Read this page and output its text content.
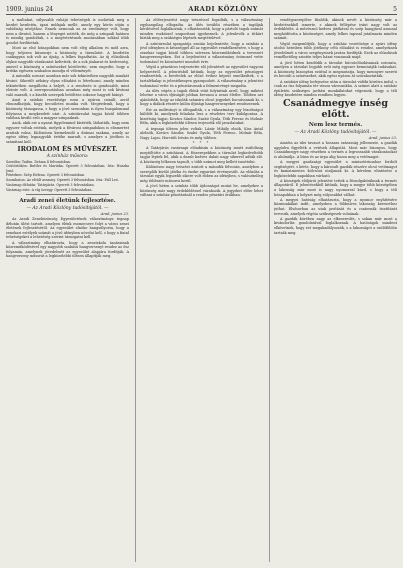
1909. junius 24	ARADI KÖZLÖNY	5

a multakat, súlyosabb ruhájú tehetségek is oszlattak meg a kezdet kezdetén, igazi műfajuk mellé, amely egy körös utján a valódiság nívójához. Ennek nemcsak az az eredménye volt, hogy nem a divatot, hanem a lényeget nézték, de még a színpadi hatásra is mindig gondoltak, s a megértetésnek mostanában sokkal több gondot fordítottak.

Most az első hónapokban nem volt elég alkalom és mód arra, hogy teljesen kiismerje a közönség a társulatot. A kezdetén csakugyan sok volt az újság, a lelkes fogadtatás. Az új előadások olykor nagyobb várakozást keltettek, de a sok jóakarat és kedvesség, amivel a közönség a színészeket körülvette, nem engedte, hogy a kritika egészen szabadon mondja el véleményét.

A második sorozat azonban már sok tekintetben nagyobb munkát kívánt. Sikerült néhány olyan előadást is létrehozni, amely minden tekintetben megállotta a helyét, s a rendezés is gondosabb, mint eleinte volt. A szereposztásban azonban még most is sok kívánni való maradt, s a kisebb szerepek betöltése sokszor hagyott hiányt.

Amit a színház vezetősége ezen a nyáron csinált, arról elmondhatjuk, hogy becsületes munka volt. Megérdemli, hogy a közönség támogassa, s hogy a jövő szezonban is ilyen buzgalommal folytassa a megkezdett utat. A színtársulat tagjai közül többen valóban kiváló erői a magyar színpadnak.

Azok, akik ezt a nyarat figyelemmel kísérték, láthatták, hogy nem egyszer voltak estéink, melyek a fővárosi színpadokon is elismerést arattak volna. Különösen kiemelendő a drámai szakma, amely az egész idény legnagyobb értéke maradt, s amelyre a jövőben is számítani kell.

IRODALOM ÉS MŰVÉSZET.

A színház műsora:

Szerdán: Taifun. Dráma 4 felvonásban.

Csütörtökön: Buttler és Marinka. Operett 3 felvonásban. Irta: Huszka Jenő.

Pénteken: Szép Helena. Operett 3 felvonásban.

Szombaton: Az elvált asszony. Operett 3 felvonásban. Irta: Fall Leó.

Vasárnap délután: Tatárjárás. Operett 3 felvonásban.

Vasárnap este: A víg özvegy. Operett 3 felvonásban.

Aradi zenei életünk fejlesztése.

— Az Aradi Közlöny tudósítójától. —

Arad, junius 23.

Az Aradi Zeneközönség Egyesületének választmánya tegnap délután ülést tartott, amelyen élénk eszmecsere folyt a város zenei életének fejlesztéséről. Az egyesület elnöke hangsúlyozta, hogy a zenekari estélyek számát a jövő idényben növelni kell, s hogy a fiatal tehetségeket a lehetőség szerint támogatni kell.

A választmány elhatározta, hogy a zeneiskola tanárainak közreműködésével egy nagyobb szabású hangversenyt rendez az ősz folyamán, amelynek jövedelmét az egyesület alapjára fordítják. A hangverseny műsorát a legközelebbi ülésen állapítják meg.

Az előterjesztést nagy tetszéssel fogadták, s a választmány egyhangúlag elfogadta. Az ülés további részében a tagdíjak kérdésével foglalkoztak, s elhatározták, hogy a pártoló tagok számát minden eszközzel szaporítani igyekeznek. A jelenlevők a titkárt bízták meg a szükséges lépések megtételével.

A színtársulat igazgatója ezután bejelentette, hogy a színház a jövő idényben is készséggel áll az egyesület rendelkezésére, s hogy a zenekar tagjai közül többen szívesen közreműködnek a tervezett hangversenyeken. Ezt a bejelentést a választmány örömmel vette tudomásul és köszönetet mondott érte.

Végül a pénztáros terjesztette elő jelentését az egyesület vagyoni helyzetéről. A jelentésből kitűnik, hogy az egyesület pénzügyei rendezettek, a bevételek az előző évihez képest emelkedtek, s a tartalékalap is jelentékenyen gyarapodott. A választmány a jelentést tudomásul vette és a pénztárosnak a felmentvényt megadta.

Az ülés végén a tagok élénk vitát folytattak arról, hogy miként lehetne a város ifjúságát jobban bevonni a zenei életbe. Többen azt ajánlották, hogy az iskolák számára olcsó jegyeket bocsássanak ki, s hogy a diákok részére külön ifjúsági hangversenyeket rendezzenek.

Ezt az indítványt is elfogadták, s a választmány egy bizottságot küldött ki, amelynek feladata lesz a részletes terv kidolgozása. A bizottság tagjai: Kovács Sándor, Szabó Gyula, Tóth Ferenc és Molnár Béla, akik a legközelebbi ülésen terjesztik elő javaslatukat.

A tegnapi ülésen jelen voltak: Lázár Mihály elnök, Kiss Antal alelnök, Kovács Sándor, Szabó Gyula, Tóth Ferenc, Molnár Béla, Nagy Lajos, Horváth István és még többen.

* * *

A Tatárjárás vasárnapi előadásán a közönség ismét zsúfolásig megtöltötte a színházat. A főszerepekben a társulat legkedveltebb tagjai léptek fel, akik a darab kedves dalait nagy sikerrel adták elő. A közönség lelkesen tapsolt, s több számot meg kellett ismételni.

Különösen nagy tetszést aratott a második felvonás, amelyben a szereplők kiváló játéka és éneke egyaránt érvényesült. Az előadás a társulat egyik legszebb sikere volt ebben az idényben, s valószínűleg még többször műsorra kerül.

A jövő héten a színház több újdonságot mutat be, amelyekre a közönség már nagy érdeklődéssel várakozik. A jegyeket előre lehet váltani a színház pénztáránál a rendes pénztári órákban.

vendégszereplése fűződik, akinek nevét a közönség már a hirdetésekből ismerte, s akinek fellépése iránt nagy volt az érdeklődés. A művésznő kedves játékával és szép hangjával azonnal meghódította a közönséget, amely lelkes tapssal jutalmazta minden számát.

Végül megemlítjük, hogy a színház vezetősége a nyári idény utolsó heteiben több jótékony célú előadást is rendez, amelyeknek jövedelmét a város szegényeinek javára fordítják. Ezek az előadások remélhetőleg szintén teljes házat vonzanak majd.

A jövő héten kezdődik a társulat búcsúelőadásainak sorozata, amelyen a társulat legjobb erői még egyszer bemutatják tudásukat. A közönség bizonyára ezúttal is megmutatja, hogy mennyire szereti és becsüli a színészeket, akik egész nyáron át szórakoztatták.

A színházi idény befejezése után a társulat vidéki körútra indul, s csak az ősz folyamán tér vissza városunkba. A szünet alatt a színház épületén szükséges javítási munkálatokat végeznek, hogy a téli idény kezdetére minden rendben legyen.

Csanádmegye ínség előtt.

Nem lesz termés.

— Az Aradi Közlöny tudósítójától. —

Arad, junius 23.

Amióta az idei tavaszt a hosszas szárazság jellemezte, a gazdák aggódva figyelték a vetések állapotát. Most már bizonyos, hogy Csanádmegye nagy részében a termés a legrosszabb várakozásokat is alulmúlja. A búza és az árpa alig hozza meg a vetőmagot.

A megyei gazdasági egyesület a minisztériumhoz fordult segítségért, s kérte, hogy a károsult gazdák részére olcsó vetőmagot és kamatmentes kölcsönt utaljanak ki. A kérelem elintézése a legközelebbi napokban várható.

A községek elöljárói jelentést tettek a főszolgabíráknak a termés állapotáról. E jelentésekből kitűnik, hogy a megye több községében a lakosság már most is nagy nyomorral küzd, s hogy a téli hónapokban a helyzet még súlyosabbá válhat.

A megyei hatóság elhatározta, hogy a nyomor enyhítésére közmunkákat indít, amelyeken a földmíves lakosság keresethez juthat. Elsősorban az utak javítását és a csatornák tisztítását tervezik, amelyek régóta szükségesek volnának.

A gazdák körében nagy az elkeseredés, s sokan már most a kivándorlás gondolatával foglalkoznak. A hatóságok mindent elkövetnek, hogy ezt megakadályozzák, s a lakosságot a szülőföldön tartsák meg.
